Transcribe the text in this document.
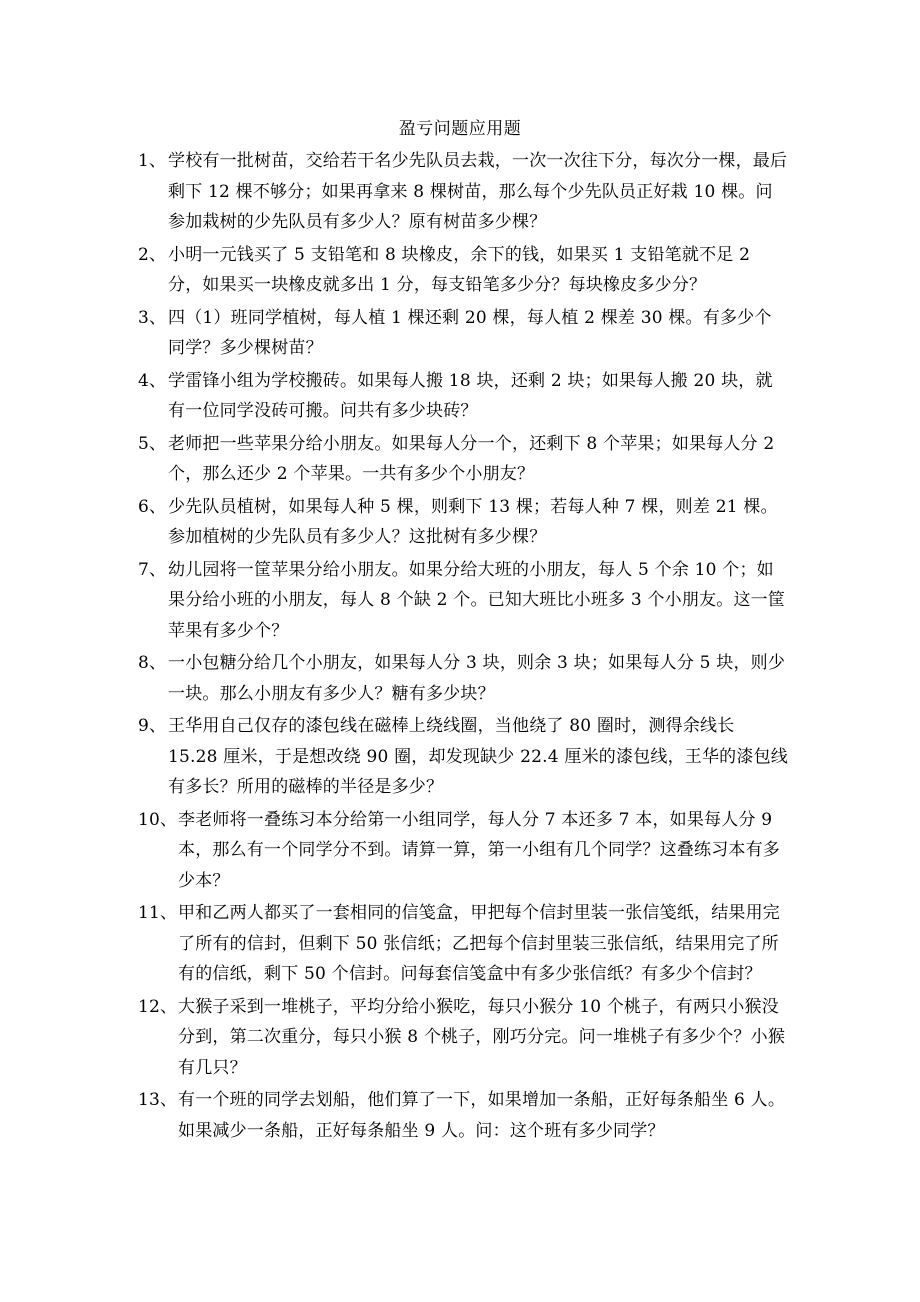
盈亏问题应用题
1、 学校有一批树苗，交给若干名少先队员去栽，一次一次往下分，每次分一棵，最后剩下 12 棵不够分；如果再拿来 8 棵树苗，那么每个少先队员正好栽 10 棵。问参加栽树的少先队员有多少人？原有树苗多少棵？
2、 小明一元钱买了 5 支铅笔和 8 块橡皮，余下的钱，如果买 1 支铅笔就不足 2 分，如果买一块橡皮就多出 1 分，每支铅笔多少分？每块橡皮多少分？
3、 四（1）班同学植树，每人植 1 棵还剩 20 棵，每人植 2 棵差 30 棵。有多少个同学？多少棵树苗？
4、 学雷锋小组为学校搬砖。如果每人搬 18 块，还剩 2 块；如果每人搬 20 块，就有一位同学没砖可搬。问共有多少块砖？
5、 老师把一些苹果分给小朋友。如果每人分一个，还剩下 8 个苹果；如果每人分 2 个，那么还少 2 个苹果。一共有多少个小朋友？
6、 少先队员植树，如果每人种 5 棵，则剩下 13 棵；若每人种 7 棵，则差 21 棵。参加植树的少先队员有多少人？这批树有多少棵？
7、 幼儿园将一筐苹果分给小朋友。如果分给大班的小朋友，每人 5 个余 10 个；如果分给小班的小朋友，每人 8 个缺 2 个。已知大班比小班多 3 个小朋友。这一筐苹果有多少个？
8、 一小包糖分给几个小朋友，如果每人分 3 块，则余 3 块；如果每人分 5 块，则少一块。那么小朋友有多少人？糖有多少块？
9、 王华用自己仅存的漆包线在磁棒上绕线圈，当他绕了 80 圈时，测得余线长 15.28 厘米，于是想改绕 90 圈，却发现缺少 22.4 厘米的漆包线，王华的漆包线有多长？所用的磁棒的半径是多少？
10、 李老师将一叠练习本分给第一小组同学，每人分 7 本还多 7 本，如果每人分 9 本，那么有一个同学分不到。请算一算，第一小组有几个同学？这叠练习本有多少本？
11、 甲和乙两人都买了一套相同的信笺盒，甲把每个信封里装一张信笺纸，结果用完了所有的信封，但剩下 50 张信纸；乙把每个信封里装三张信纸，结果用完了所有的信纸，剩下 50 个信封。问每套信笺盒中有多少张信纸？有多少个信封？
12、 大猴子采到一堆桃子，平均分给小猴吃，每只小猴分 10 个桃子，有两只小猴没分到，第二次重分，每只小猴 8 个桃子，刚巧分完。问一堆桃子有多少个？小猴有几只？
13、 有一个班的同学去划船，他们算了一下，如果增加一条船，正好每条船坐 6 人。如果减少一条船，正好每条船坐 9 人。问：这个班有多少同学？
